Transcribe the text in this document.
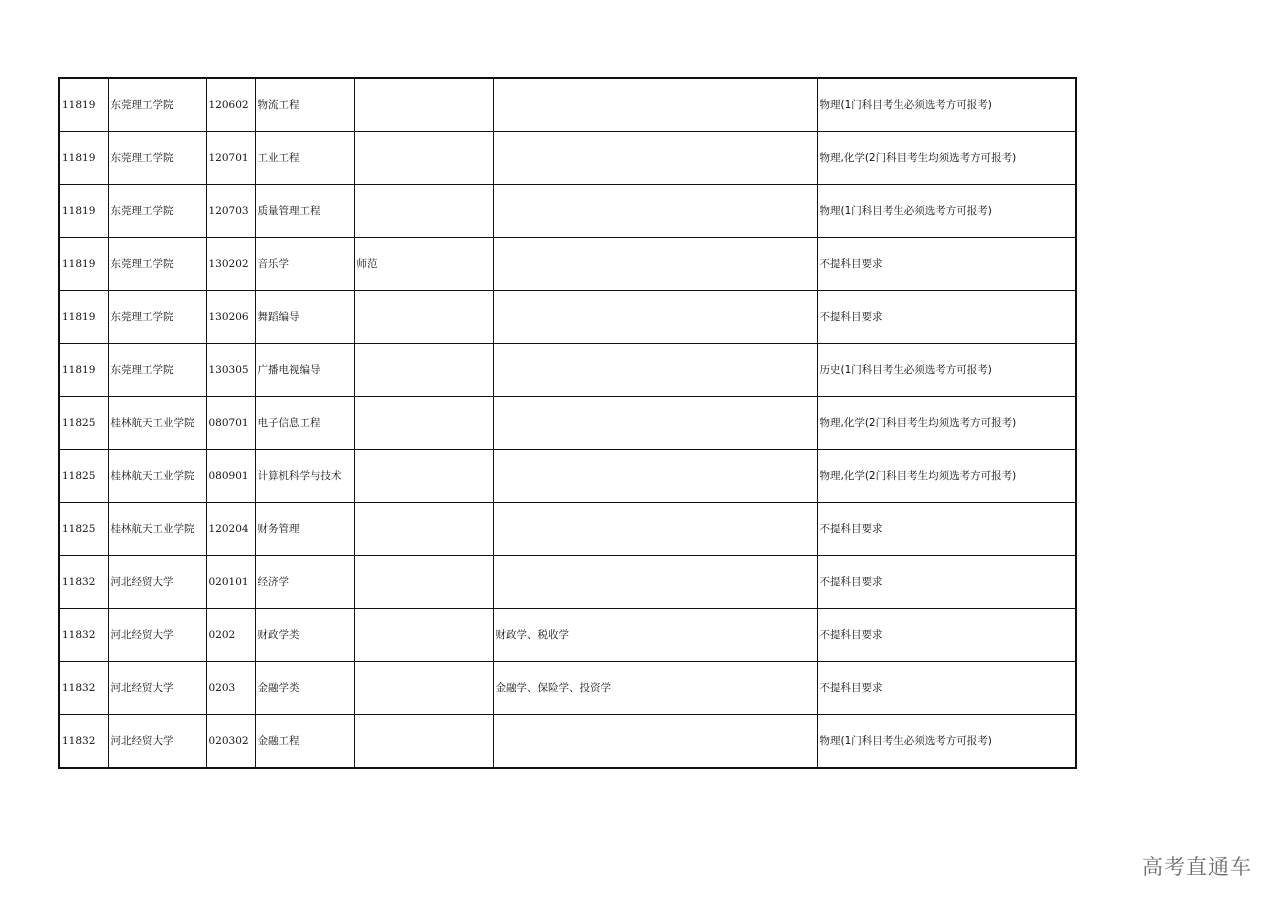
11819	东莞理工学院	120602	物流工程			物理(1门科目考生必须选考方可报考)
11819	东莞理工学院	120701	工业工程			物理,化学(2门科目考生均须选考方可报考)
11819	东莞理工学院	120703	质量管理工程			物理(1门科目考生必须选考方可报考)
11819	东莞理工学院	130202	音乐学	师范		不提科目要求
11819	东莞理工学院	130206	舞蹈编导			不提科目要求
11819	东莞理工学院	130305	广播电视编导			历史(1门科目考生必须选考方可报考)
11825	桂林航天工业学院	080701	电子信息工程			物理,化学(2门科目考生均须选考方可报考)
11825	桂林航天工业学院	080901	计算机科学与技术			物理,化学(2门科目考生均须选考方可报考)
11825	桂林航天工业学院	120204	财务管理			不提科目要求
11832	河北经贸大学	020101	经济学			不提科目要求
11832	河北经贸大学	0202	财政学类		财政学、税收学	不提科目要求
11832	河北经贸大学	0203	金融学类		金融学、保险学、投资学	不提科目要求
11832	河北经贸大学	020302	金融工程			物理(1门科目考生必须选考方可报考)
高考直通车
